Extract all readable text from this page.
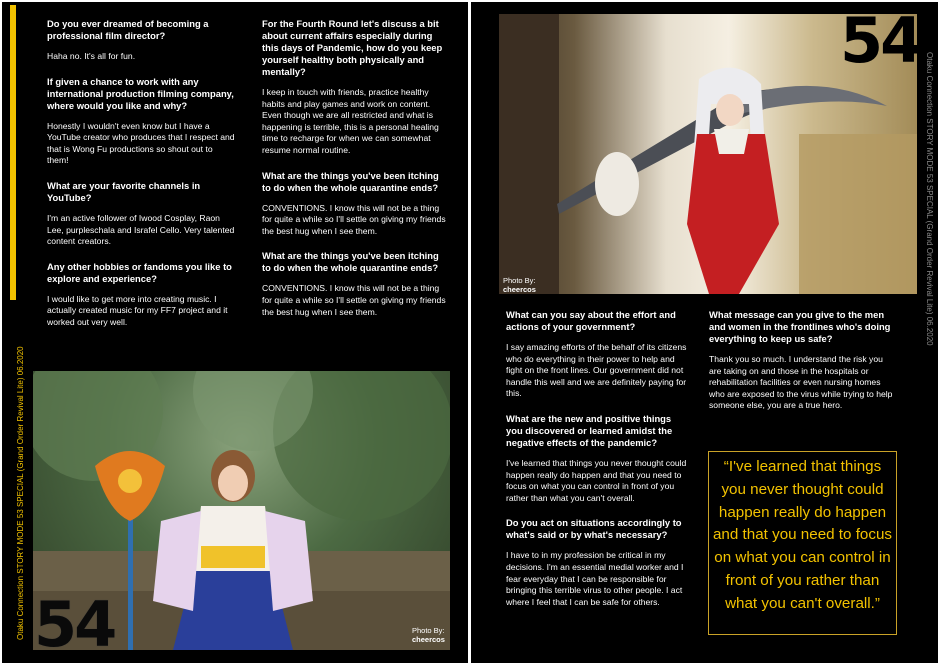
Otaku Connection STORY MODE 53 SPECIAL (Grand Order Revival Lite) 06.2020
Do you ever dreamed of becoming a professional film director?
Haha no. It's all for fun.
If given a chance to work with any international production filming company, where would you like and why?
Honestly I wouldn't even know but I have a YouTube creator who produces that I respect and that is Wong Fu productions so shout out to them!
What are your favorite channels in YouTube?
I'm an active follower of Iwood Cosplay, Raon Lee, purpleschala and Israfel Cello. Very talented content creators.
Any other hobbies or fandoms you like to explore and experience?
I would like to get more into creating music. I actually created music for my FF7 project and it worked out very well.
For the Fourth Round let's discuss a bit about current affairs especially during this days of Pandemic, how do you keep yourself healthy both physically and mentally?
I keep in touch with friends, practice healthy habits and play games and work on content. Even though we are all restricted and what is happening is terrible, this is a personal healing time to recharge for when we can somewhat resume normal routine.
What are the things you've been itching to do when the whole quarantine ends?
CONVENTIONS. I know this will not be a thing for quite a while so I'll settle on giving my friends the best hug when I see them.
What are the things you've been itching to do when the whole quarantine ends?
CONVENTIONS. I know this will not be a thing for quite a while so I'll settle on giving my friends the best hug when I see them.
54	Photo By:
cheercos
Otaku Connection STORY MODE 53 SPECIAL (Grand Order Revival Lite) 06.2020
54
Photo By:
cheercos
What can you say about the effort and actions of your government?
I say amazing efforts of the behalf of its citizens who do everything in their power to help and fight on the front lines. Our government did not handle this well and we are definitely paying for this.
What are the new and positive things you discovered or learned amidst the negative effects of the pandemic?
I've learned that things you never thought could happen really do happen and that you need to focus on what you can control in front of you rather than what you can't overall.
Do you act on situations accordingly to what's said or by what's necessary?
I have to in my profession be critical in my decisions. I'm an essential medial worker and I fear everyday that I can be responsible for bringing this terrible virus to other people. I act where I feel that I can be safe for others.
What message can you give to the men and women in the frontlines who's doing everything to keep us safe?
Thank you so much. I understand the risk you are taking on and those in the hospitals or rehabilitation facilities or even nursing homes who are exposed to the virus while trying to help someone else, you are a true hero.
“I've learned that things you never thought could happen really do happen and that you need to focus on what you can control in front of you rather than what you can't overall.”
